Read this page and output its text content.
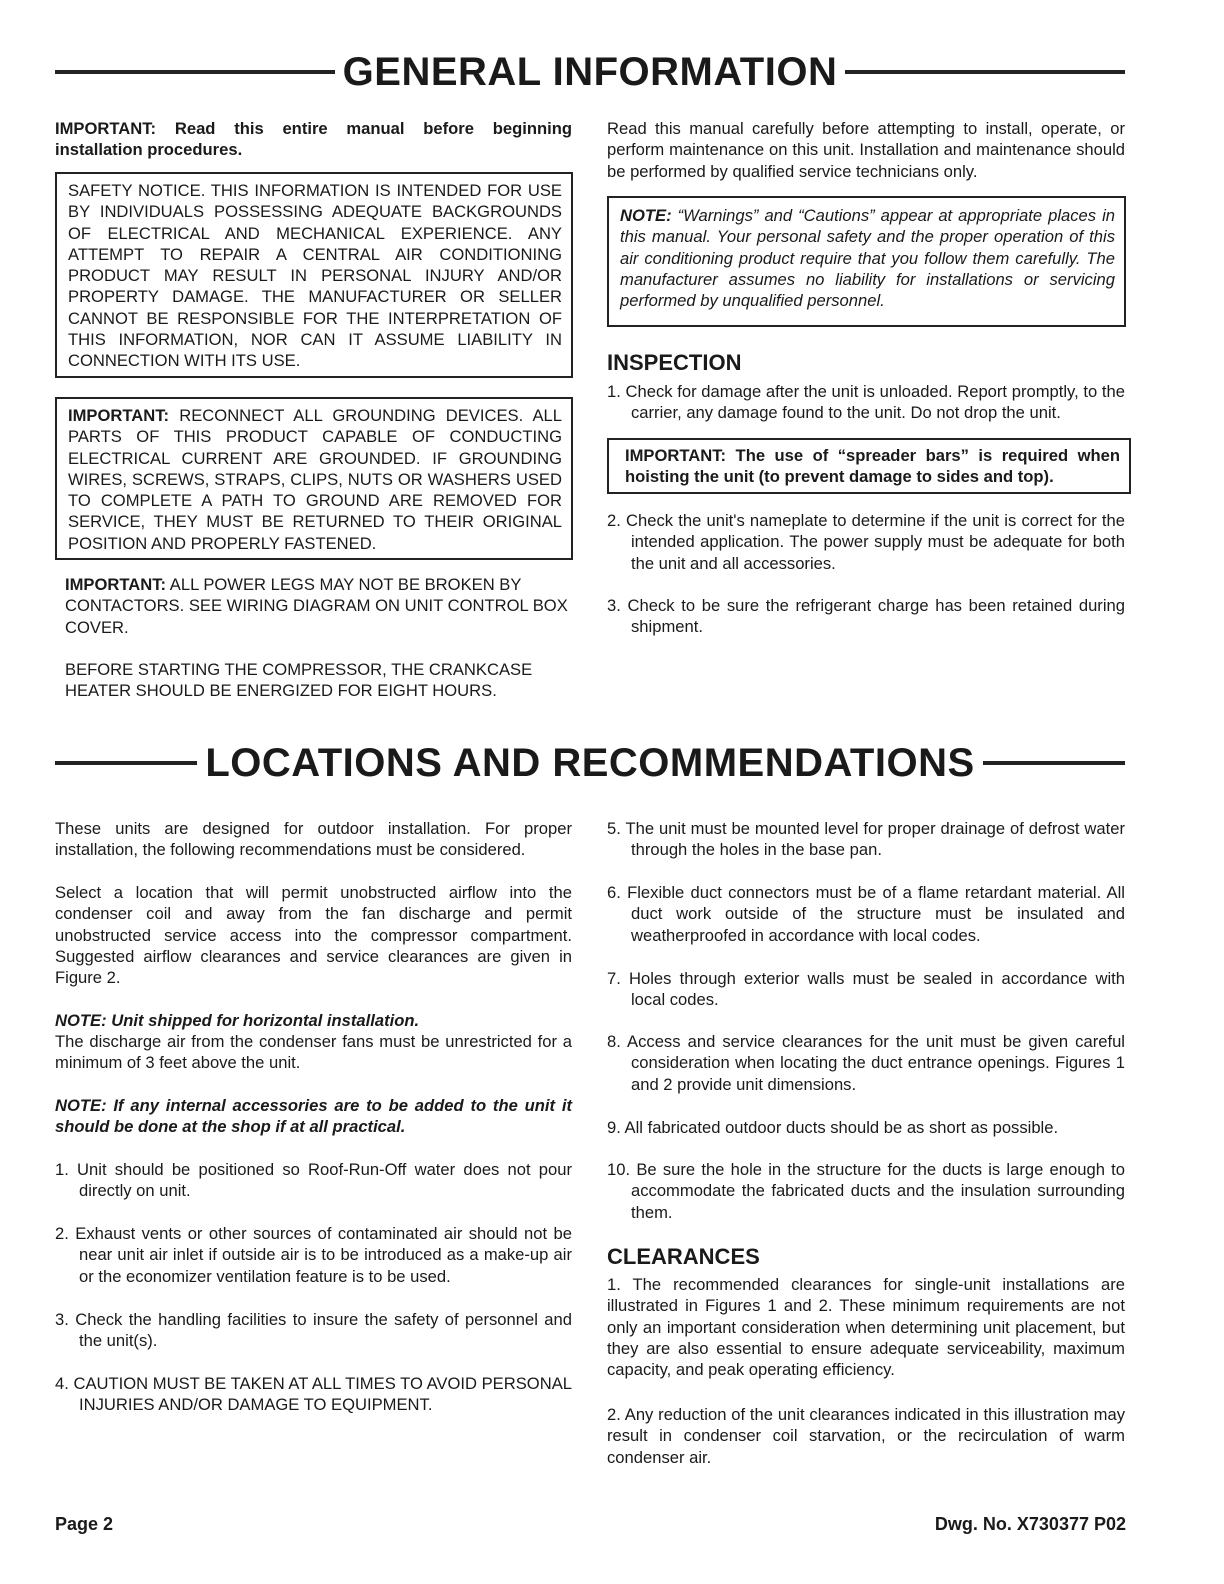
GENERAL INFORMATION
IMPORTANT: Read this entire manual before beginning installation procedures.
SAFETY NOTICE. THIS INFORMATION IS INTENDED FOR USE BY INDIVIDUALS POSSESSING ADEQUATE BACKGROUNDS OF ELECTRICAL AND MECHANICAL EXPERIENCE. ANY ATTEMPT TO REPAIR A CENTRAL AIR CONDITIONING PRODUCT MAY RESULT IN PERSONAL INJURY AND/OR PROPERTY DAMAGE. THE MANUFACTURER OR SELLER CANNOT BE RESPONSIBLE FOR THE INTERPRETATION OF THIS INFORMATION, NOR CAN IT ASSUME LIABILITY IN CONNECTION WITH ITS USE.
IMPORTANT: RECONNECT ALL GROUNDING DEVICES. ALL PARTS OF THIS PRODUCT CAPABLE OF CONDUCTING ELECTRICAL CURRENT ARE GROUNDED. IF GROUNDING WIRES, SCREWS, STRAPS, CLIPS, NUTS OR WASHERS USED TO COMPLETE A PATH TO GROUND ARE REMOVED FOR SERVICE, THEY MUST BE RETURNED TO THEIR ORIGINAL POSITION AND PROPERLY FASTENED.
IMPORTANT: ALL POWER LEGS MAY NOT BE BROKEN BY CONTACTORS. SEE WIRING DIAGRAM ON UNIT CONTROL BOX COVER.
BEFORE STARTING THE COMPRESSOR, THE CRANKCASE HEATER SHOULD BE ENERGIZED FOR EIGHT HOURS.
Read this manual carefully before attempting to install, operate, or perform maintenance on this unit. Installation and maintenance should be performed by qualified service technicians only.
NOTE: “Warnings” and “Cautions” appear at appropriate places in this manual. Your personal safety and the proper operation of this air conditioning product require that you follow them carefully. The manufacturer assumes no liability for installations or servicing performed by unqualified personnel.
INSPECTION
1. Check for damage after the unit is unloaded. Report promptly, to the carrier, any damage found to the unit. Do not drop the unit.
IMPORTANT: The use of “spreader bars” is required when hoisting the unit (to prevent damage to sides and top).
2. Check the unit's nameplate to determine if the unit is correct for the intended application. The power supply must be adequate for both the unit and all accessories.
3. Check to be sure the refrigerant charge has been retained during shipment.
LOCATIONS AND RECOMMENDATIONS
These units are designed for outdoor installation. For proper installation, the following recommendations must be considered.
Select a location that will permit unobstructed airflow into the condenser coil and away from the fan discharge and permit unobstructed service access into the compressor compartment. Suggested airflow clearances and service clearances are given in Figure 2.
NOTE: Unit shipped for horizontal installation.
The discharge air from the condenser fans must be unrestricted for a minimum of 3 feet above the unit.
NOTE: If any internal accessories are to be added to the unit it should be done at the shop if at all practical.
1. Unit should be positioned so Roof-Run-Off water does not pour directly on unit.
2. Exhaust vents or other sources of contaminated air should not be near unit air inlet if outside air is to be introduced as a make-up air or the economizer ventilation feature is to be used.
3. Check the handling facilities to insure the safety of personnel and the unit(s).
4. CAUTION MUST BE TAKEN AT ALL TIMES TO AVOID PERSONAL INJURIES AND/OR DAMAGE TO EQUIPMENT.
5. The unit must be mounted level for proper drainage of defrost water through the holes in the base pan.
6. Flexible duct connectors must be of a flame retardant material. All duct work outside of the structure must be insulated and weatherproofed in accordance with local codes.
7. Holes through exterior walls must be sealed in accordance with local codes.
8. Access and service clearances for the unit must be given careful consideration when locating the duct entrance openings. Figures 1 and 2 provide unit dimensions.
9. All fabricated outdoor ducts should be as short as possible.
10. Be sure the hole in the structure for the ducts is large enough to accommodate the fabricated ducts and the insulation surrounding them.
CLEARANCES
1. The recommended clearances for single-unit installations are illustrated in Figures 1 and 2. These minimum requirements are not only an important consideration when determining unit placement, but they are also essential to ensure adequate serviceability, maximum capacity, and peak operating efficiency.
2. Any reduction of the unit clearances indicated in this illustration may result in condenser coil starvation, or the recirculation of warm condenser air.
Page 2	Dwg. No. X730377 P02
